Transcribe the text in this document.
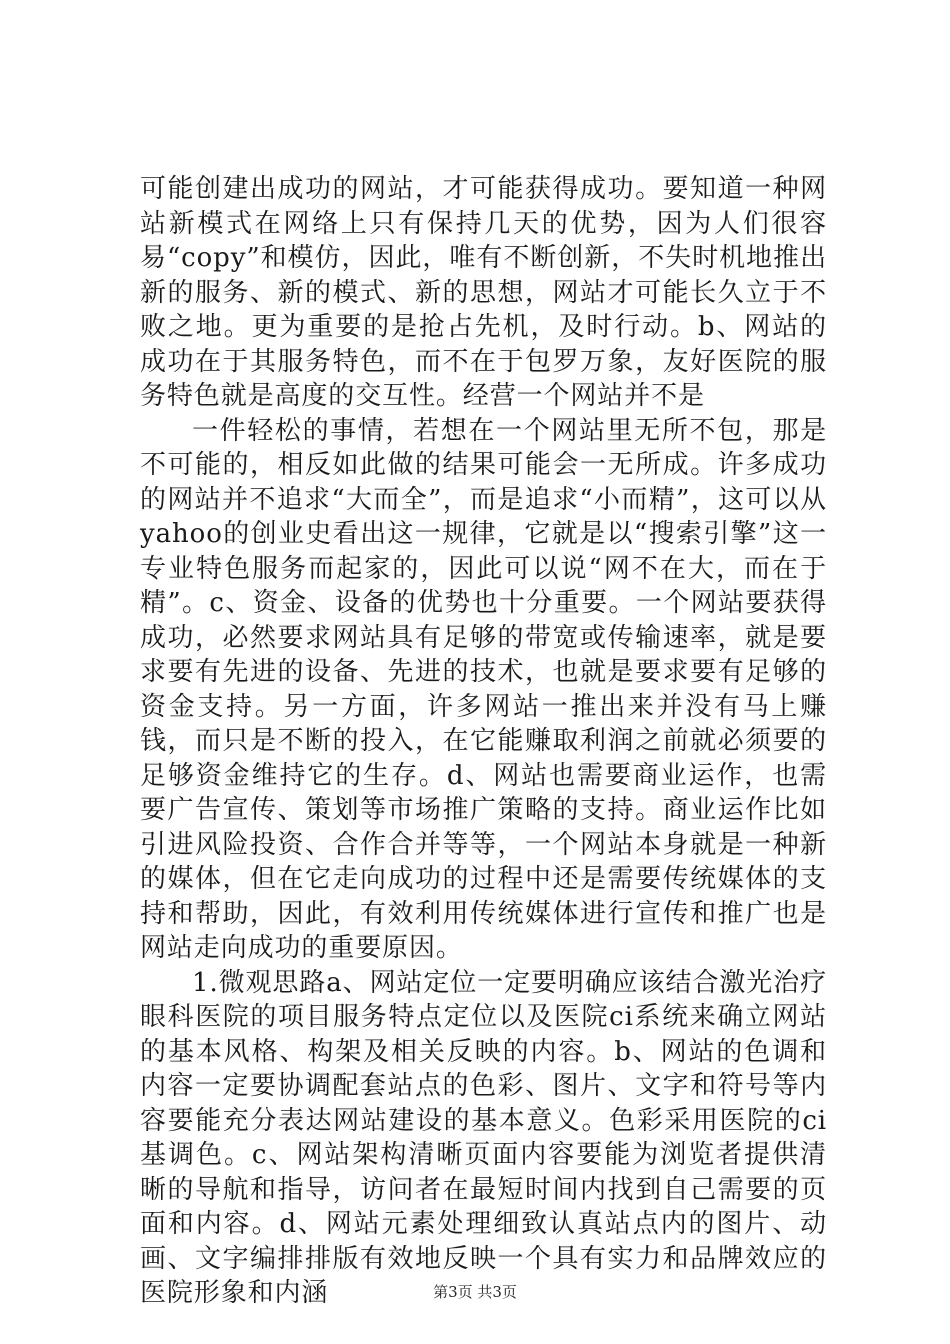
可能创建出成功的网站，才可能获得成功。要知道一种网站新模式在网络上只有保持几天的优势，因为人们很容易“copy”和模仿，因此，唯有不断创新，不失时机地推出新的服务、新的模式、新的思想，网站才可能长久立于不败之地。更为重要的是抢占先机，及时行动。b、网站的成功在于其服务特色，而不在于包罗万象，友好医院的服务特色就是高度的交互性。经营一个网站并不是

一件轻松的事情，若想在一个网站里无所不包，那是不可能的，相反如此做的结果可能会一无所成。许多成功的网站并不追求“大而全”，而是追求“小而精”，这可以从yahoo的创业史看出这一规律，它就是以“搜索引擎”这一专业特色服务而起家的，因此可以说“网不在大，而在于精”。c、资金、设备的优势也十分重要。一个网站要获得成功，必然要求网站具有足够的带宽或传输速率，就是要求要有先进的设备、先进的技术，也就是要求要有足够的资金支持。另一方面，许多网站一推出来并没有马上赚钱，而只是不断的投入，在它能赚取利润之前就必须要的足够资金维持它的生存。d、网站也需要商业运作，也需要广告宣传、策划等市场推广策略的支持。商业运作比如引进风险投资、合作合并等等，一个网站本身就是一种新的媒体，但在它走向成功的过程中还是需要传统媒体的支持和帮助，因此，有效利用传统媒体进行宣传和推广也是网站走向成功的重要原因。

1.微观思路a、网站定位一定要明确应该结合激光治疗眼科医院的项目服务特点定位以及医院ci系统来确立网站的基本风格、构架及相关反映的内容。b、网站的色调和内容一定要协调配套站点的色彩、图片、文字和符号等内容要能充分表达网站建设的基本意义。色彩采用医院的ci基调色。c、网站架构清晰页面内容要能为浏览者提供清晰的导航和指导，访问者在最短时间内找到自己需要的页面和内容。d、网站元素处理细致认真站点内的图片、动画、文字编排排版有效地反映一个具有实力和品牌效应的医院形象和内涵	第3页 共3页
